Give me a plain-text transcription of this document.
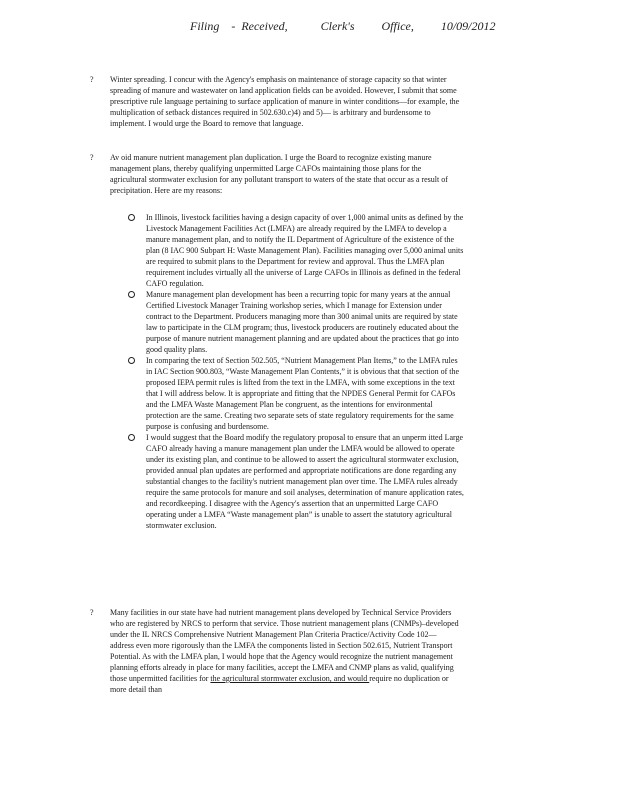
Filing    -  Received,           Clerk's         Office,         10/09/2012
? Winter spreading. I concur with the Agency's emphasis on maintenance of storage capacity so that winter spreading of manure and wastewater on land application fields can be avoided. However, I submit that some prescriptive rule language pertaining to surface application of manure in winter conditions—for example, the multiplication of setback distances required in 502.630.c)4) and 5)— is arbitrary and burdensome to implement. I would urge the Board to remove that language.

? Av oid manure nutrient management plan duplication. I urge the Board to recognize existing manure management plans, thereby qualifying unpermitted Large CAFOs maintaining those plans for the agricultural stormwater exclusion for any pollutant transport to waters of the state that occur as a result of precipitation. Here are my reasons:

In Illinois, livestock facilities having a design capacity of over 1,000 animal units as defined by the Livestock Management Facilities Act (LMFA) are already required by the LMFA to develop a manure management plan, and to notify the IL Department of Agriculture of the existence of the plan (8 IAC 900 Subpart H: Waste Management Plan). Facilities managing over 5,000 animal units are required to submit plans to the Department for review and approval. Thus the LMFA plan requirement includes virtually all the universe of Large CAFOs in Illinois as defined in the federal CAFO regulation.
Manure management plan development has been a recurring topic for many years at the annual Certified Livestock Manager Training workshop series, which I manage for Extension under contract to the Department. Producers managing more than 300 animal units are required by state law to participate in the CLM program; thus, livestock producers are routinely educated about the purpose of manure nutrient management planning and are updated about the practices that go into good quality plans.
In comparing the text of Section 502.505, “Nutrient Management Plan Items,” to the LMFA rules in IAC Section 900.803, “Waste Management Plan Contents,” it is obvious that that section of the proposed IEPA permit rules is lifted from the text in the LMFA, with some exceptions in the text that I will address below. It is appropriate and fitting that the NPDES General Permit for CAFOs and the LMFA Waste Management Plan be congruent, as the intentions for environmental protection are the same. Creating two separate sets of state regulatory requirements for the same purpose is confusing and burdensome.
I would suggest that the Board modify the regulatory proposal to ensure that an unperm itted Large CAFO already having a manure management plan under the LMFA would be allowed to operate under its existing plan, and continue to be allowed to assert the agricultural stormwater exclusion, provided annual plan updates are performed and appropriate notifications are done regarding any substantial changes to the facility's nutrient management plan over time. The LMFA rules already require the same protocols for manure and soil analyses, determination of manure application rates, and recordkeeping. I disagree with the Agency's assertion that an unpermitted Large CAFO operating under a LMFA “Waste management plan” is unable to assert the statutory agricultural stormwater exclusion.
? Many facilities in our state have had nutrient management plans developed by Technical Service Providers who are registered by NRCS to perform that service. Those nutrient management plans (CNMPs)–developed under the IL NRCS Comprehensive Nutrient Management Plan Criteria Practice/Activity Code 102—address even more rigorously than the LMFA the components listed in Section 502.615, Nutrient Transport Potential. As with the LMFA plan, I would hope that the Agency would recognize the nutrient management planning efforts already in place for many facilities, accept the LMFA and CNMP plans as valid, qualifying those unpermitted facilities for the agricultural stormwater exclusion, and would require no duplication or more detail than
